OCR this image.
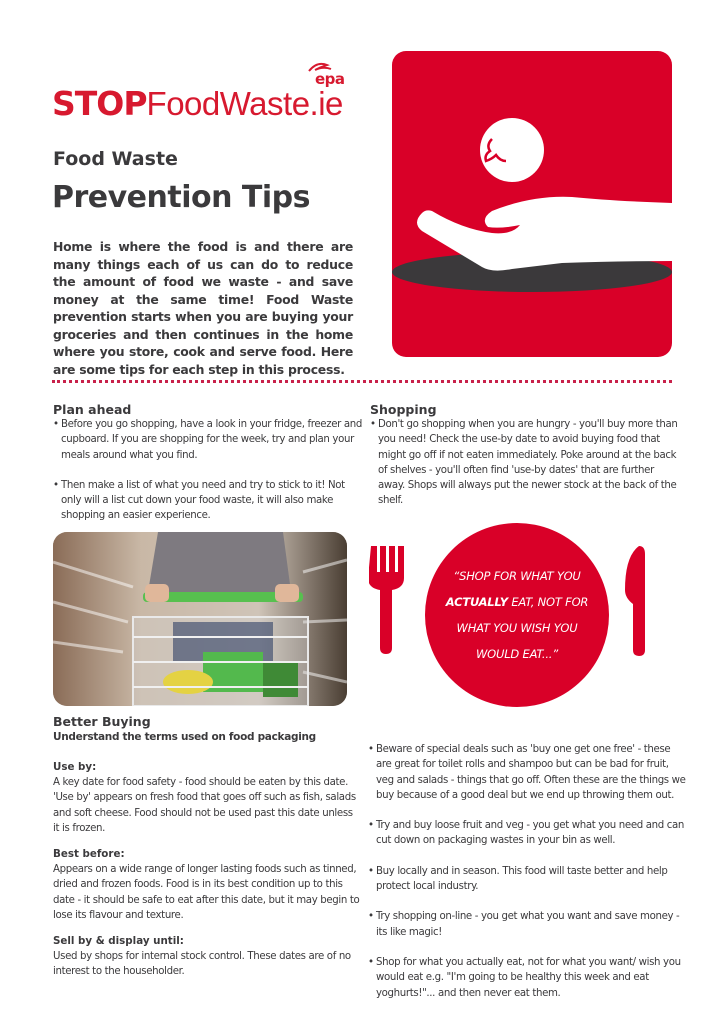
STOPFoodWaste.ie
epa
Food Waste
Prevention Tips
Home is where the food is and there are many things each of us can do to reduce the amount of food we waste - and save money at the same time! Food Waste prevention starts when you are buying your groceries and then continues in the home where you store, cook and serve food. Here are some tips for each step in this process.
Plan ahead
• Before you go shopping, have a look in your fridge, freezer and cupboard. If you are shopping for the week, try and plan your meals around what you find.
• Then make a list of what you need and try to stick to it! Not only will a list cut down your food waste, it will also make shopping an easier experience.
Shopping
• Don't go shopping when you are hungry - you'll buy more than you need! Check the use-by date to avoid buying food that might go off if not eaten immediately. Poke around at the back of shelves - you'll often find 'use-by dates' that are further away. Shops will always put the newer stock at the back of the shelf.
“SHOP FOR WHAT YOU
ACTUALLY EAT, NOT FOR
WHAT YOU WISH YOU
WOULD EAT...”
Better Buying
Understand the terms used on food packaging
Use by:
A key date for food safety - food should be eaten by this date. 'Use by' appears on fresh food that goes off such as fish, salads and soft cheese. Food should not be used past this date unless it is frozen.
Best before:
Appears on a wide range of longer lasting foods such as tinned, dried and frozen foods. Food is in its best condition up to this date - it should be safe to eat after this date, but it may begin to lose its flavour and texture.
Sell by & display until:
Used by shops for internal stock control. These dates are of no interest to the householder.
• Beware of special deals such as 'buy one get one free' - these are great for toilet rolls and shampoo but can be bad for fruit, veg and salads - things that go off. Often these are the things we buy because of a good deal but we end up throwing them out.
• Try and buy loose fruit and veg - you get what you need and can cut down on packaging wastes in your bin as well.
• Buy locally and in season. This food will taste better and help protect local industry.
• Try shopping on-line - you get what you want and save money - its like magic!
• Shop for what you actually eat, not for what you want/ wish you would eat e.g. "I'm going to be healthy this week and eat yoghurts!"... and then never eat them.
